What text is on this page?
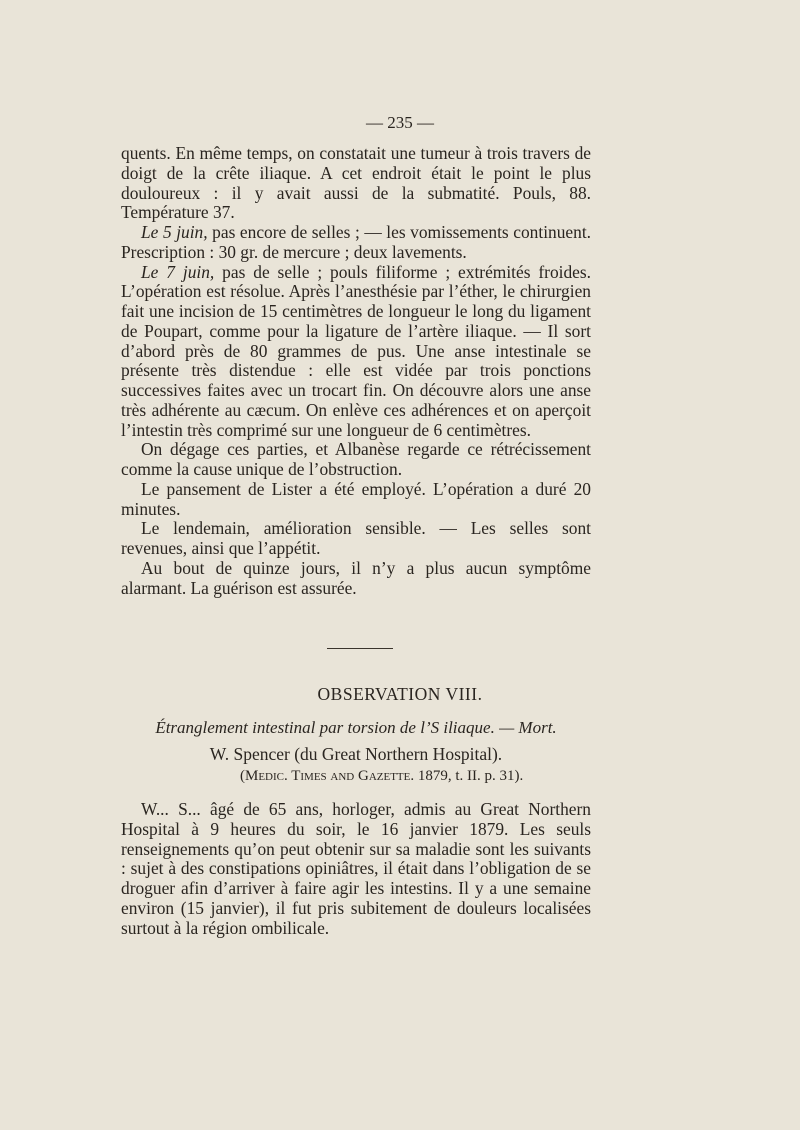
— 235 —

quents. En même temps, on constatait une tumeur à trois travers de doigt de la crête iliaque. A cet endroit était le point le plus douloureux : il y avait aussi de la submatité. Pouls, 88. Température 37.

Le 5 juin, pas encore de selles ; — les vomissements continuent. Prescription : 30 gr. de mercure ; deux lavements.

Le 7 juin, pas de selle ; pouls filiforme ; extrémités froides. L’opération est résolue. Après l’anesthésie par l’éther, le chirurgien fait une incision de 15 centimètres de longueur le long du ligament de Poupart, comme pour la ligature de l’artère iliaque. — Il sort d’abord près de 80 grammes de pus. Une anse intestinale se présente très distendue : elle est vidée par trois ponctions successives faites avec un trocart fin. On découvre alors une anse très adhérente au cæcum. On enlève ces adhérences et on aperçoit l’intestin très comprimé sur une longueur de 6 centimètres.

On dégage ces parties, et Albanèse regarde ce rétrécissement comme la cause unique de l’obstruction.

Le pansement de Lister a été employé. L’opération a duré 20 minutes.

Le lendemain, amélioration sensible. — Les selles sont revenues, ainsi que l’appétit.

Au bout de quinze jours, il n’y a plus aucun symptôme alarmant. La guérison est assurée.

OBSERVATION VIII.
Étranglement intestinal par torsion de l’S iliaque. — Mort.
W. Spencer (du Great Northern Hospital).
(Medic. Times and Gazette. 1879, t. II. p. 31).

W... S... âgé de 65 ans, horloger, admis au Great Northern Hospital à 9 heures du soir, le 16 janvier 1879. Les seuls renseignements qu’on peut obtenir sur sa maladie sont les suivants : sujet à des constipations opiniâtres, il était dans l’obligation de se droguer afin d’arriver à faire agir les intestins. Il y a une semaine environ (15 janvier), il fut pris subitement de douleurs localisées surtout à la région ombilicale.
